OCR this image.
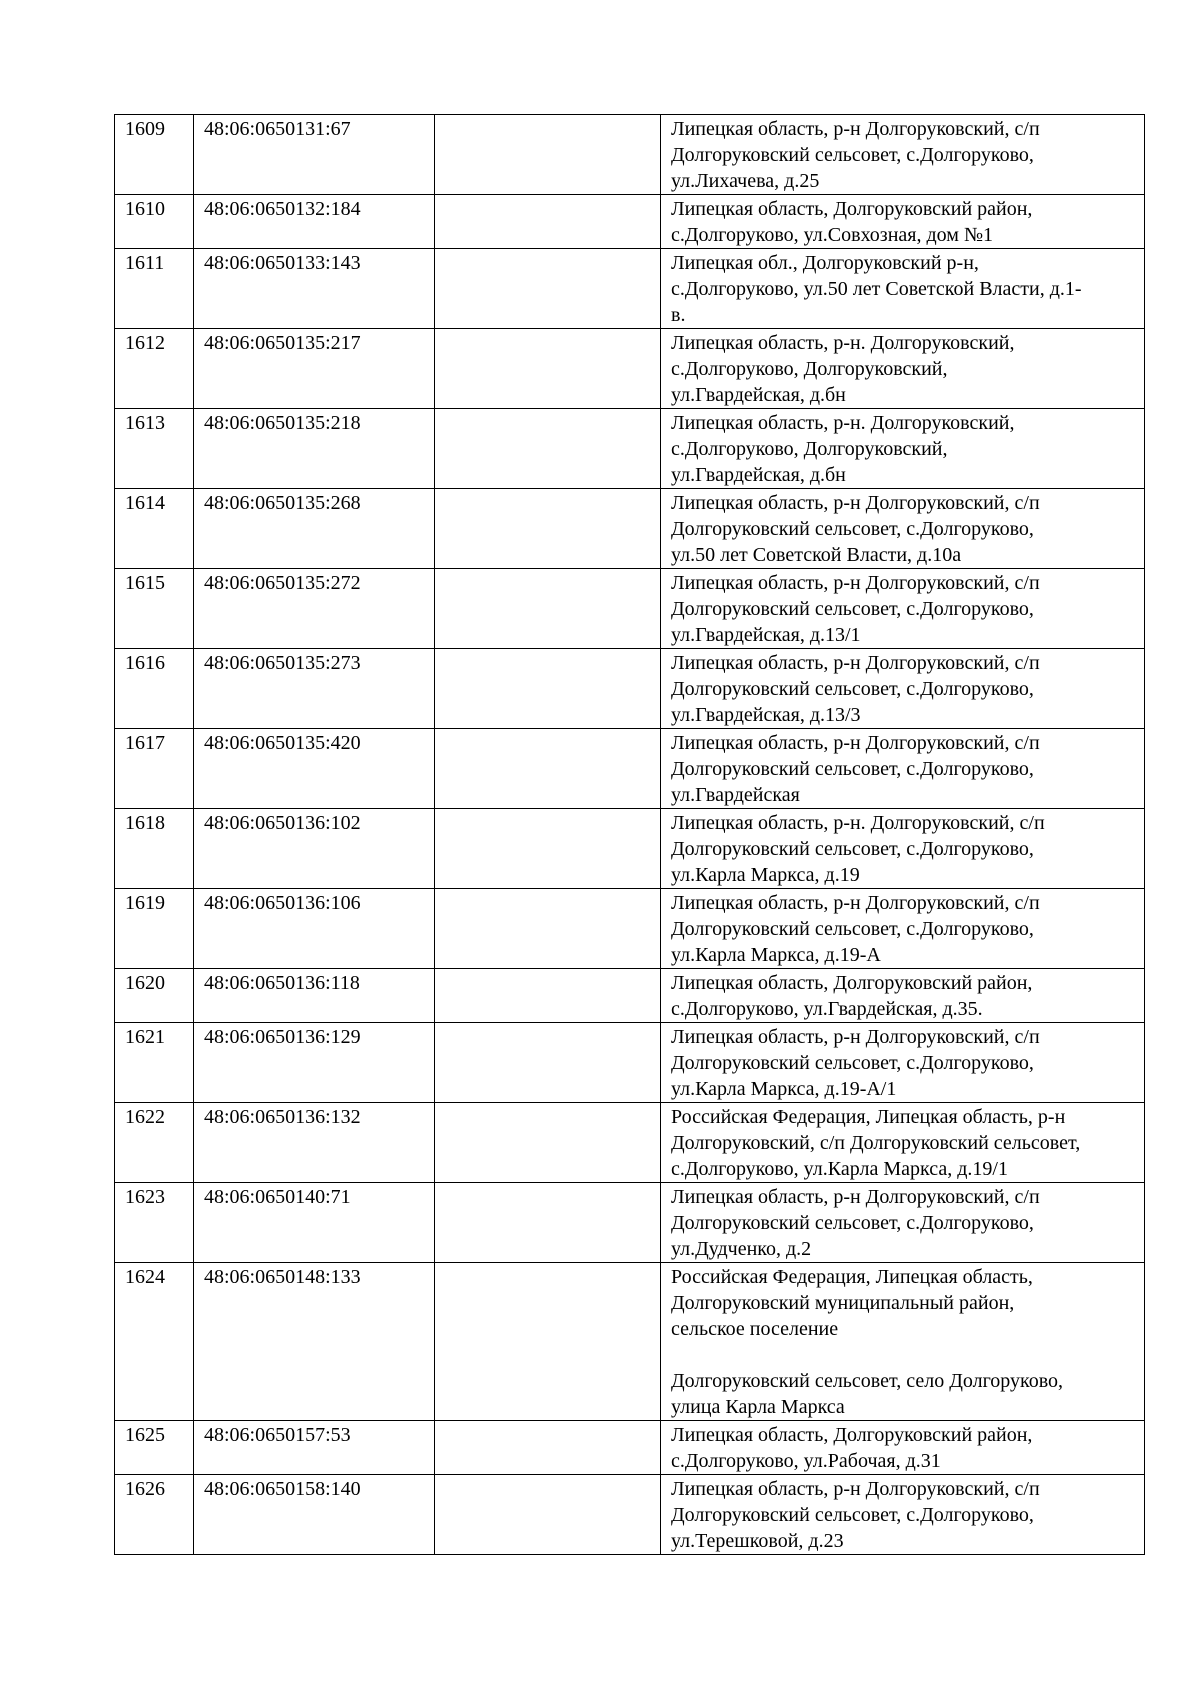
1609	48:06:0650131:67		Липецкая область, р-н Долгоруковский, с/п
Долгоруковский сельсовет, с.Долгоруково,
ул.Лихачева, д.25
1610	48:06:0650132:184		Липецкая область, Долгоруковский район,
с.Долгоруково, ул.Совхозная, дом №1
1611	48:06:0650133:143		Липецкая обл., Долгоруковский р-н,
с.Долгоруково, ул.50 лет Советской Власти, д.1-
в.
1612	48:06:0650135:217		Липецкая область, р-н. Долгоруковский,
с.Долгоруково, Долгоруковский,
ул.Гвардейская, д.бн
1613	48:06:0650135:218		Липецкая область, р-н. Долгоруковский,
с.Долгоруково, Долгоруковский,
ул.Гвардейская, д.бн
1614	48:06:0650135:268		Липецкая область, р-н Долгоруковский, с/п
Долгоруковский сельсовет, с.Долгоруково,
ул.50 лет Советской Власти, д.10а
1615	48:06:0650135:272		Липецкая область, р-н Долгоруковский, с/п
Долгоруковский сельсовет, с.Долгоруково,
ул.Гвардейская, д.13/1
1616	48:06:0650135:273		Липецкая область, р-н Долгоруковский, с/п
Долгоруковский сельсовет, с.Долгоруково,
ул.Гвардейская, д.13/3
1617	48:06:0650135:420		Липецкая область, р-н Долгоруковский, с/п
Долгоруковский сельсовет, с.Долгоруково,
ул.Гвардейская
1618	48:06:0650136:102		Липецкая область, р-н. Долгоруковский, с/п
Долгоруковский сельсовет, с.Долгоруково,
ул.Карла Маркса, д.19
1619	48:06:0650136:106		Липецкая область, р-н Долгоруковский, с/п
Долгоруковский сельсовет, с.Долгоруково,
ул.Карла Маркса, д.19-А
1620	48:06:0650136:118		Липецкая область, Долгоруковский район,
с.Долгоруково, ул.Гвардейская, д.35.
1621	48:06:0650136:129		Липецкая область, р-н Долгоруковский, с/п
Долгоруковский сельсовет, с.Долгоруково,
ул.Карла Маркса, д.19-А/1
1622	48:06:0650136:132		Российская Федерация, Липецкая область, р-н
Долгоруковский, с/п Долгоруковский сельсовет,
с.Долгоруково, ул.Карла Маркса, д.19/1
1623	48:06:0650140:71		Липецкая область, р-н Долгоруковский, с/п
Долгоруковский сельсовет, с.Долгоруково,
ул.Дудченко, д.2
1624	48:06:0650148:133		Российская Федерация, Липецкая область,
Долгоруковский муниципальный район,
сельское поселение

Долгоруковский сельсовет, село Долгоруково,
улица Карла Маркса
1625	48:06:0650157:53		Липецкая область, Долгоруковский район,
с.Долгоруково, ул.Рабочая, д.31
1626	48:06:0650158:140		Липецкая область, р-н Долгоруковский, с/п
Долгоруковский сельсовет, с.Долгоруково,
ул.Терешковой, д.23
